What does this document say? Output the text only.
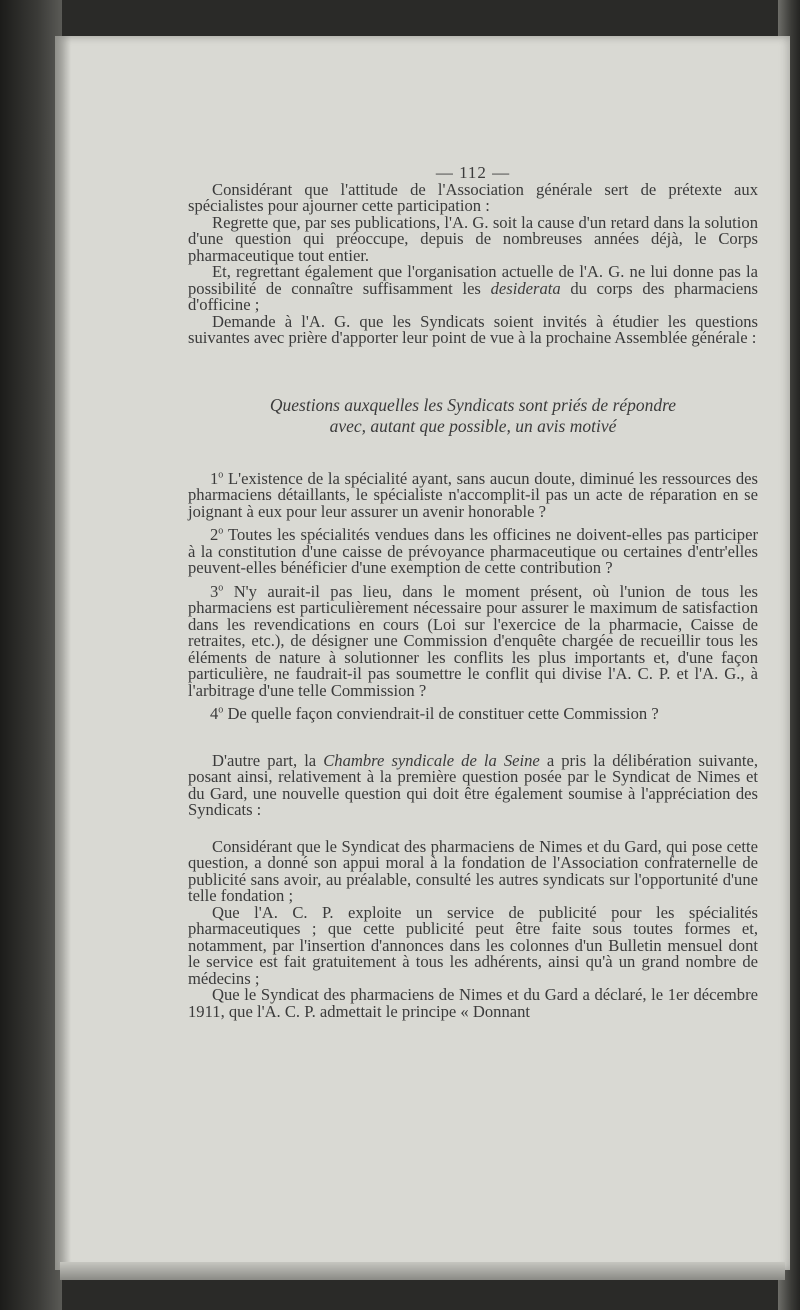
— 112 —

Considérant que l'attitude de l'Association générale sert de prétexte aux spécialistes pour ajourner cette participation :

Regrette que, par ses publications, l'A. G. soit la cause d'un retard dans la solution d'une question qui préoccupe, depuis de nombreuses années déjà, le Corps pharmaceutique tout entier.

Et, regrettant également que l'organisation actuelle de l'A. G. ne lui donne pas la possibilité de connaître suffisamment les desiderata du corps des pharmaciens d'officine ;

Demande à l'A. G. que les Syndicats soient invités à étudier les questions suivantes avec prière d'apporter leur point de vue à la prochaine Assemblée générale :

Questions auxquelles les Syndicats sont priés de répondre
avec, autant que possible, un avis motivé

1$^o$ L'existence de la spécialité ayant, sans aucun doute, diminué les ressources des pharmaciens détaillants, le spécialiste n'accomplit-il pas un acte de réparation en se joignant à eux pour leur assurer un avenir honorable ?

2$^o$ Toutes les spécialités vendues dans les officines ne doivent-elles pas participer à la constitution d'une caisse de prévoyance pharmaceutique ou certaines d'entr'elles peuvent-elles bénéficier d'une exemption de cette contribution ?

3$^o$ N'y aurait-il pas lieu, dans le moment présent, où l'union de tous les pharmaciens est particulièrement nécessaire pour assurer le maximum de satisfaction dans les revendications en cours (Loi sur l'exercice de la pharmacie, Caisse de retraites, etc.), de désigner une Commission d'enquête chargée de recueillir tous les éléments de nature à solutionner les conflits les plus importants et, d'une façon particulière, ne faudrait-il pas soumettre le conflit qui divise l'A. C. P. et l'A. G., à l'arbitrage d'une telle Commission ?

4$^o$ De quelle façon conviendrait-il de constituer cette Commission ?

D'autre part, la Chambre syndicale de la Seine a pris la délibération suivante, posant ainsi, relativement à la première question posée par le Syndicat de Nimes et du Gard, une nouvelle question qui doit être également soumise à l'appréciation des Syndicats :

Considérant que le Syndicat des pharmaciens de Nimes et du Gard, qui pose cette question, a donné son appui moral à la fondation de l'Association confraternelle de publicité sans avoir, au préalable, consulté les autres syndicats sur l'opportunité d'une telle fondation ;

Que l'A. C. P. exploite un service de publicité pour les spécialités pharmaceutiques ; que cette publicité peut être faite sous toutes formes et, notamment, par l'insertion d'annonces dans les colonnes d'un Bulletin mensuel dont le service est fait gratuitement à tous les adhérents, ainsi qu'à un grand nombre de médecins ;

Que le Syndicat des pharmaciens de Nimes et du Gard a déclaré, le 1er décembre 1911, que l'A. C. P. admettait le principe « Donnant
